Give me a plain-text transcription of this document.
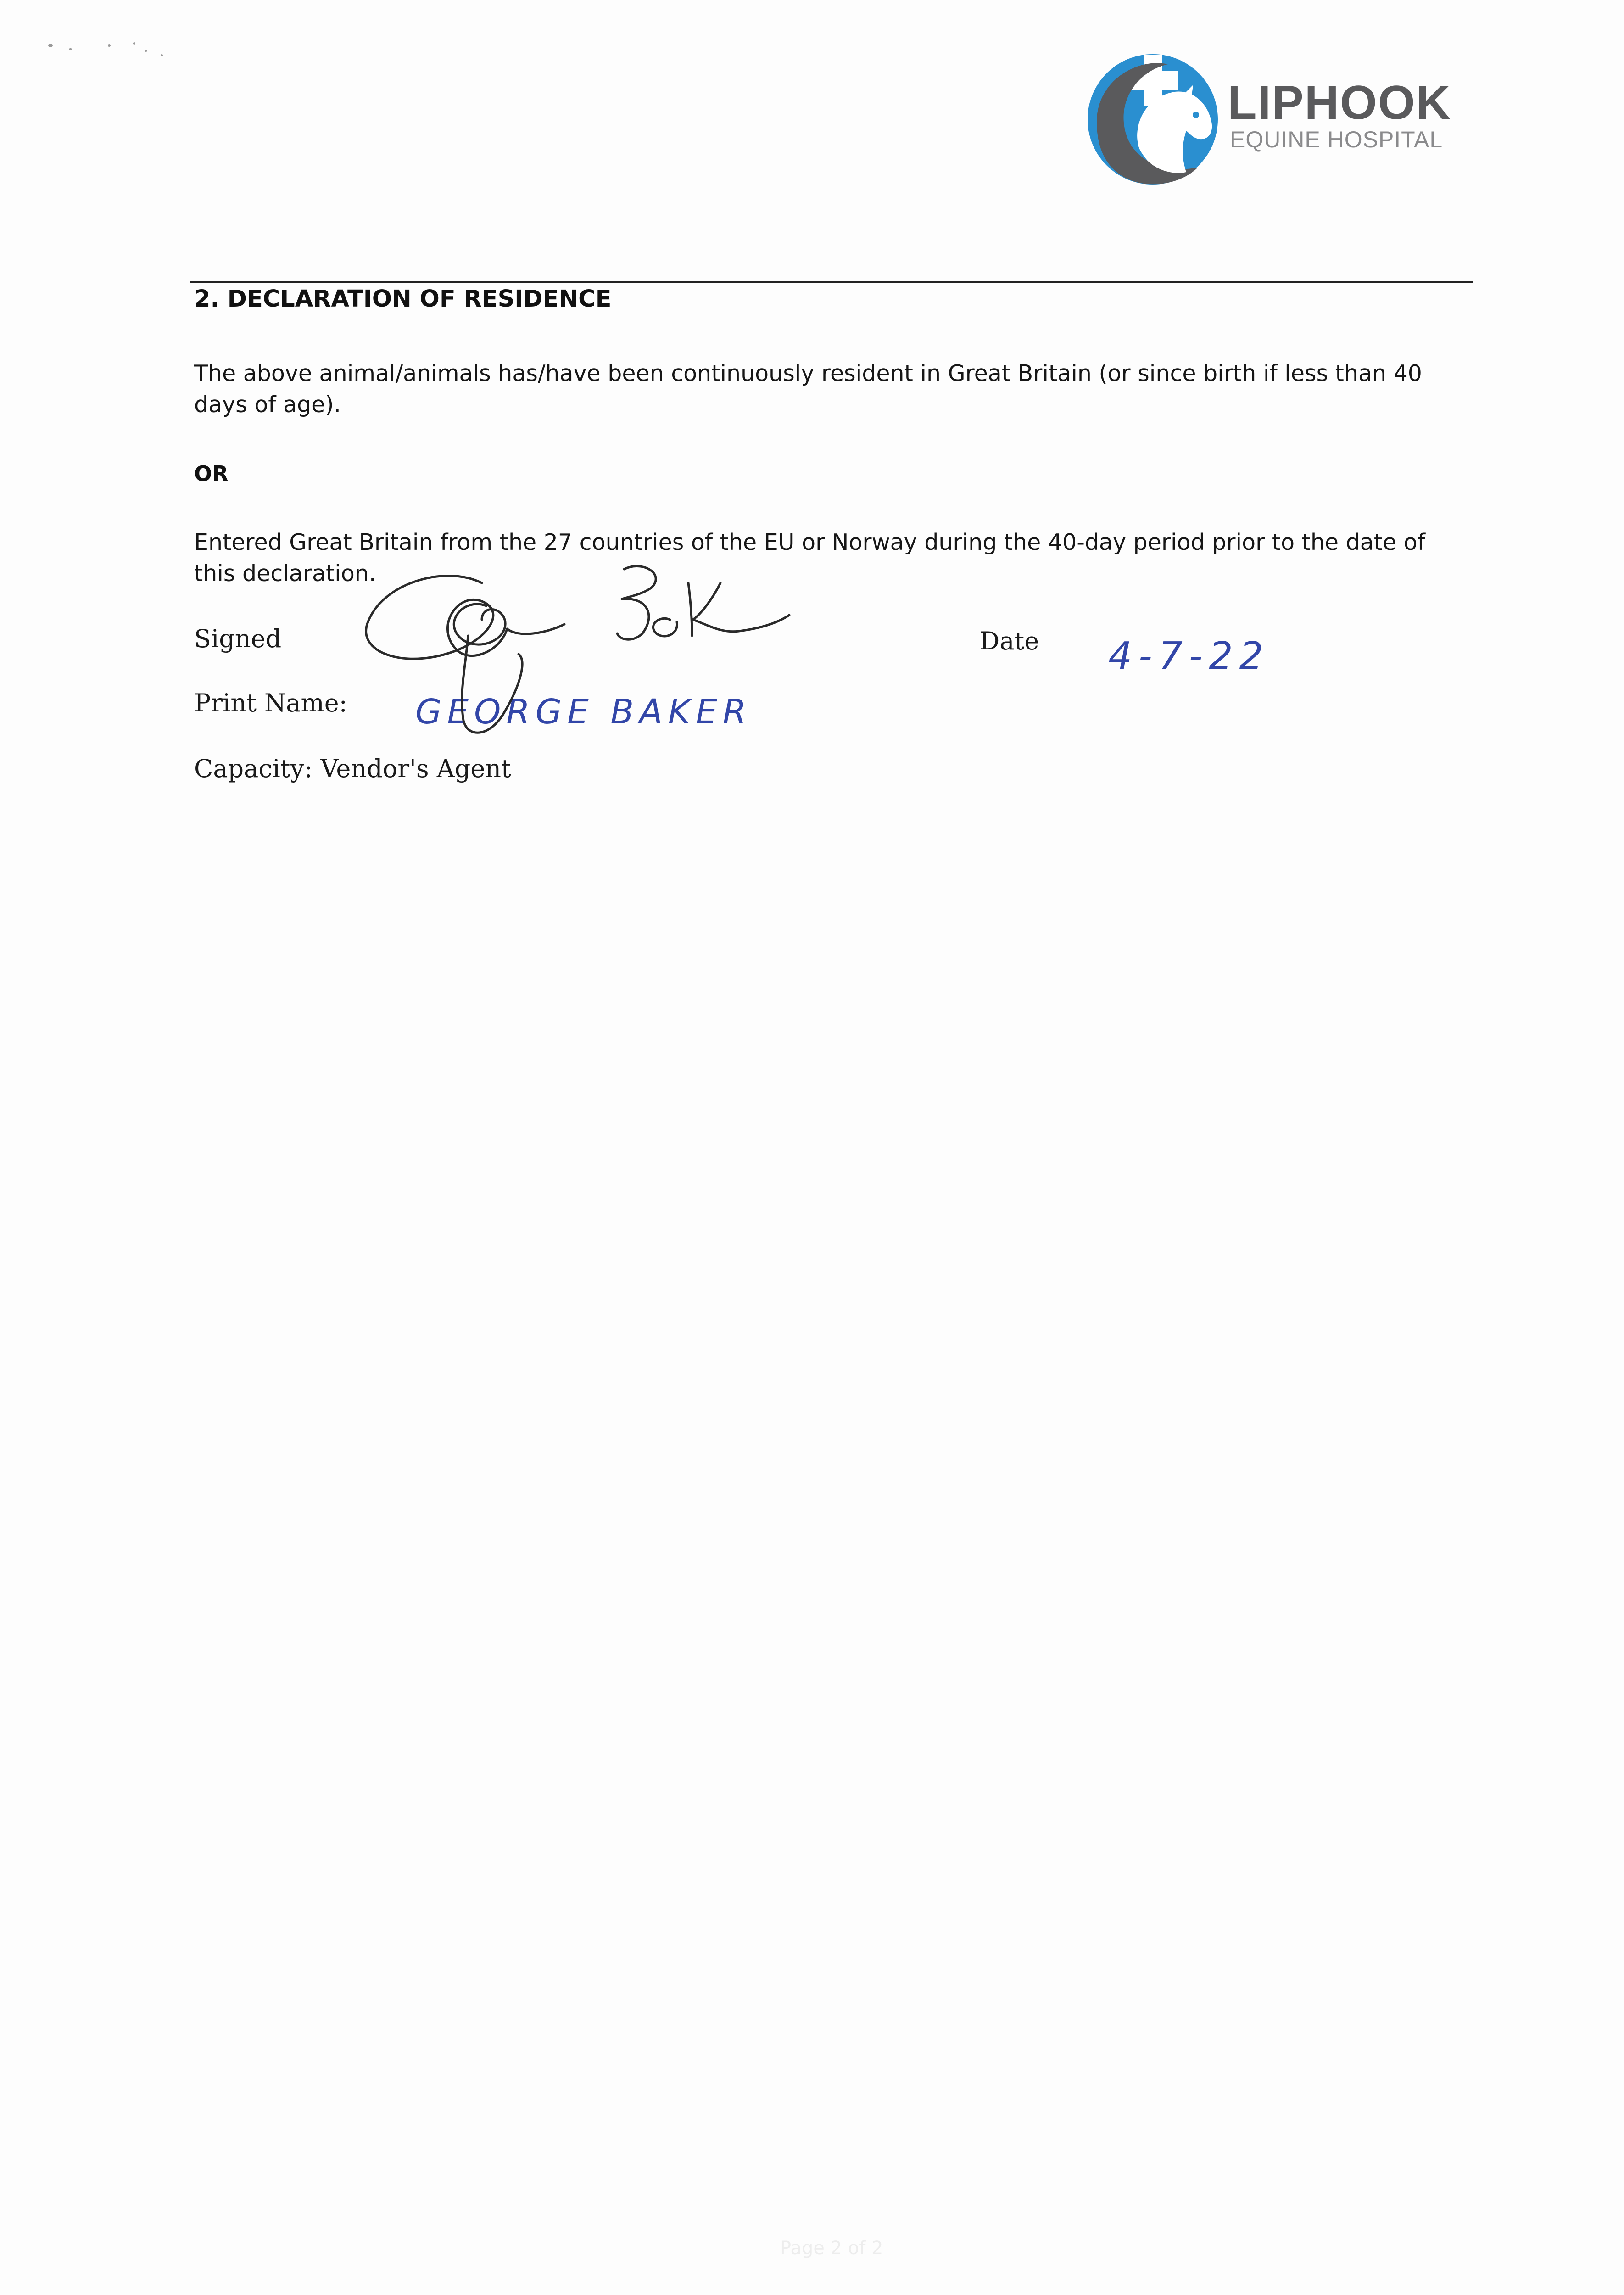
LIPHOOK
EQUINE HOSPITAL
2. DECLARATION OF RESIDENCE
The above animal/animals has/have been continuously resident in Great Britain (or since birth if less than 40 days of age).
OR
Entered Great Britain from the 27 countries of the EU or Norway during the 40-day period prior to the date of this declaration.
Signed	Date 4-7-22
Print Name: GEORGE BAKER
Capacity: Vendor's Agent
Page 2 of 2
